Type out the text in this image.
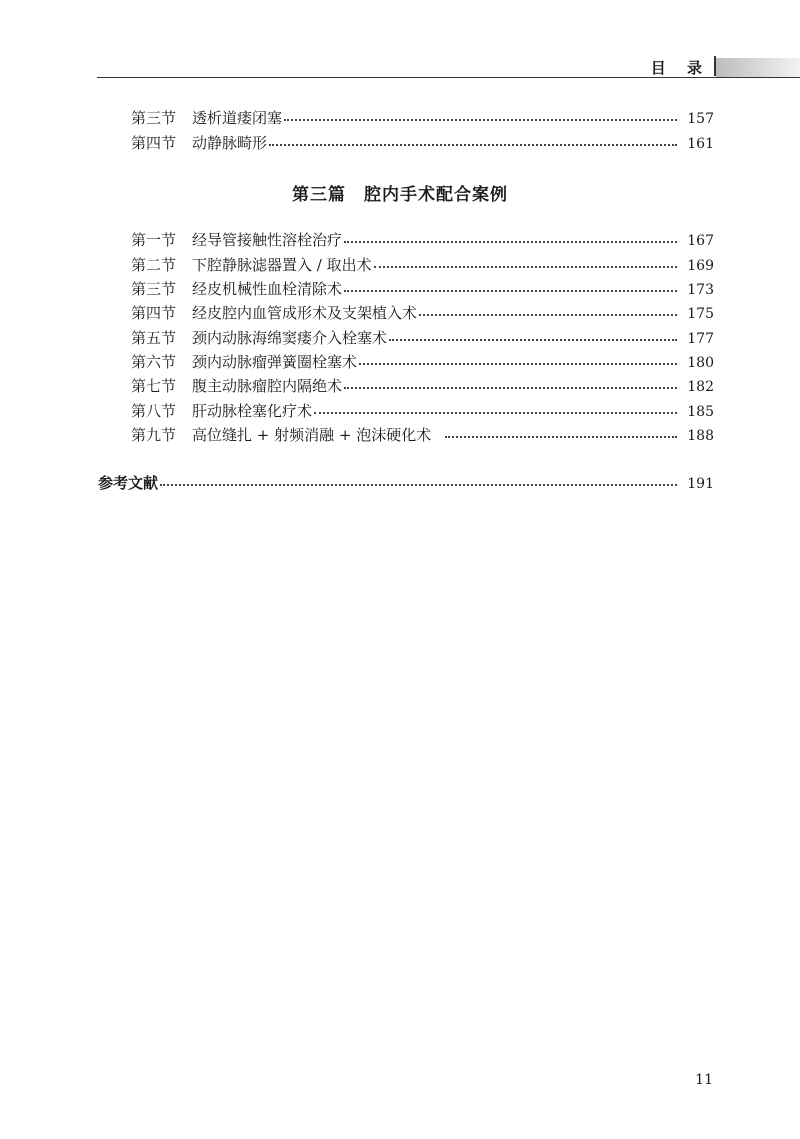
目 录
第三节 透析道瘘闭塞	157
第四节 动静脉畸形	161
第三篇　腔内手术配合案例
第一节 经导管接触性溶栓治疗	167
第二节 下腔静脉滤器置入 / 取出术	169
第三节 经皮机械性血栓清除术	173
第四节 经皮腔内血管成形术及支架植入术	175
第五节 颈内动脉海绵窦瘘介入栓塞术	177
第六节 颈内动脉瘤弹簧圈栓塞术	180
第七节 腹主动脉瘤腔内隔绝术	182
第八节 肝动脉栓塞化疗术	185
第九节 高位缝扎 + 射频消融 + 泡沫硬化术	188
参考文献	191
11
